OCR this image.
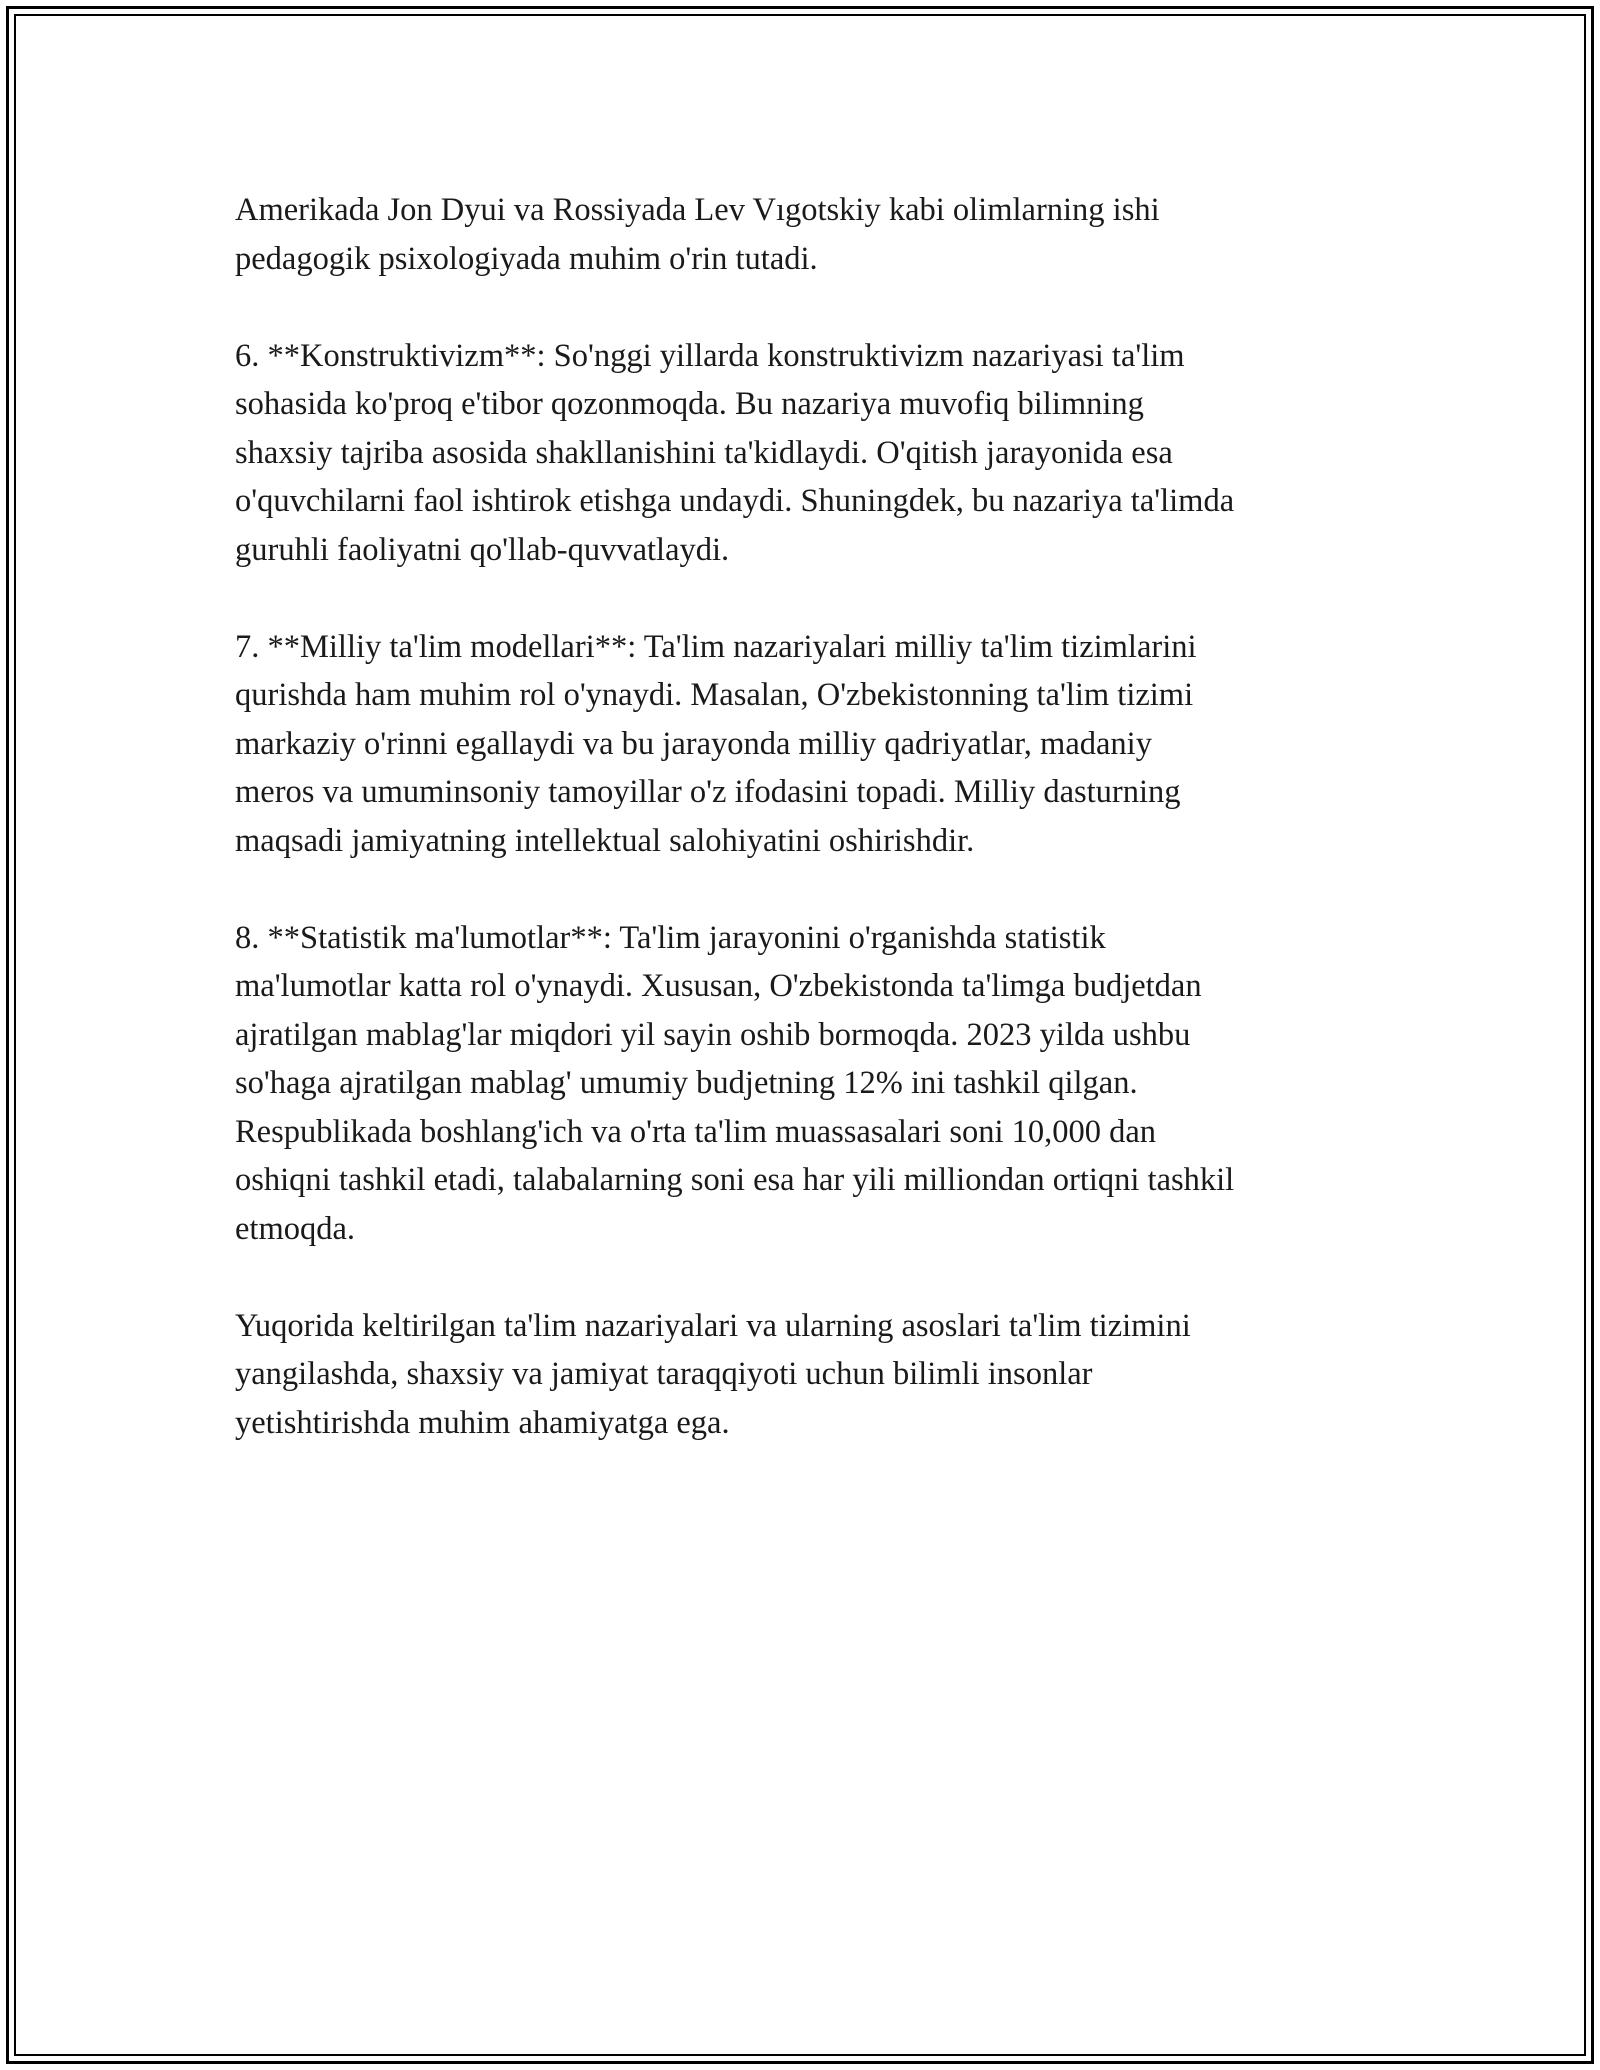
Amerikada Jon Dyui va Rossiyada Lev Vıgotskiy kabi olimlarning ishi
pedagogik psixologiyada muhim o'rin tutadi.

6. **Konstruktivizm**: So'nggi yillarda konstruktivizm nazariyasi ta'lim
sohasida ko'proq e'tibor qozonmoqda. Bu nazariya muvofiq bilimning
shaxsiy tajriba asosida shakllanishini ta'kidlaydi. O'qitish jarayonida esa
o'quvchilarni faol ishtirok etishga undaydi. Shuningdek, bu nazariya ta'limda
guruhli faoliyatni qo'llab-quvvatlaydi.

7. **Milliy ta'lim modellari**: Ta'lim nazariyalari milliy ta'lim tizimlarini
qurishda ham muhim rol o'ynaydi. Masalan, O'zbekistonning ta'lim tizimi
markaziy o'rinni egallaydi va bu jarayonda milliy qadriyatlar, madaniy
meros va umuminsoniy tamoyillar o'z ifodasini topadi. Milliy dasturning
maqsadi jamiyatning intellektual salohiyatini oshirishdir.

8. **Statistik ma'lumotlar**: Ta'lim jarayonini o'rganishda statistik
ma'lumotlar katta rol o'ynaydi. Xususan, O'zbekistonda ta'limga budjetdan
ajratilgan mablag'lar miqdori yil sayin oshib bormoqda. 2023 yilda ushbu
so'haga ajratilgan mablag' umumiy budjetning 12% ini tashkil qilgan.
Respublikada boshlang'ich va o'rta ta'lim muassasalari soni 10,000 dan
oshiqni tashkil etadi, talabalarning soni esa har yili milliondan ortiqni tashkil
etmoqda.

Yuqorida keltirilgan ta'lim nazariyalari va ularning asoslari ta'lim tizimini
yangilashda, shaxsiy va jamiyat taraqqiyoti uchun bilimli insonlar
yetishtirishda muhim ahamiyatga ega.
